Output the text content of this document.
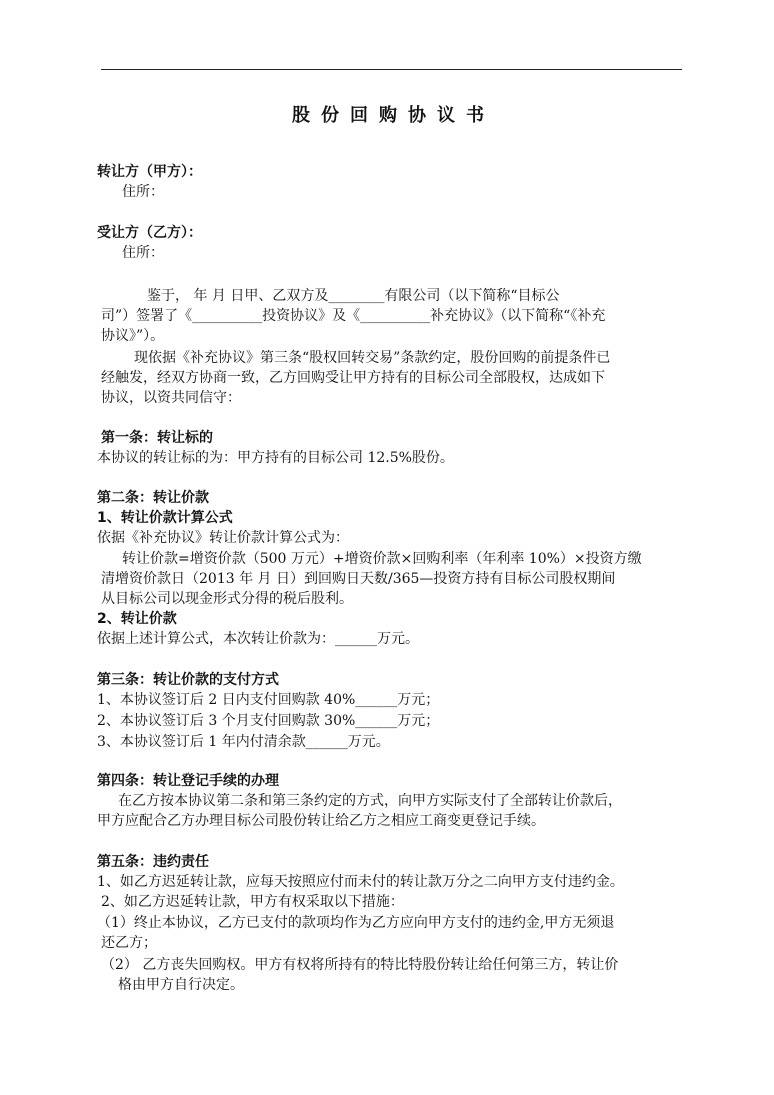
股份回购协议书
转让方（甲方）：
住所：
受让方（乙方）：
住所：
鉴于， 年 月 日甲、乙双方及________有限公司（以下简称“目标公
司”）签署了《__________投资协议》及《__________补充协议》（以下简称“《补充
协议》”）。
现依据《补充协议》第三条“股权回转交易”条款约定，股份回购的前提条件已
经触发，经双方协商一致，乙方回购受让甲方持有的目标公司全部股权，达成如下
协议，以资共同信守：
第一条：转让标的
本协议的转让标的为：甲方持有的目标公司 12.5%股份。
第二条：转让价款
1、转让价款计算公式
依据《补充协议》转让价款计算公式为：
转让价款=增资价款（500 万元）+增资价款×回购利率（年利率 10%）×投资方缴
清增资价款日（2013 年 月 日）到回购日天数/365—投资方持有目标公司股权期间
从目标公司以现金形式分得的税后股利。
2、转让价款
依据上述计算公式，本次转让价款为：______万元。
第三条：转让价款的支付方式
1、本协议签订后 2 日内支付回购款 40%______万元；
2、本协议签订后 3 个月支付回购款 30%______万元；
3、本协议签订后 1 年内付清余款______万元。
第四条：转让登记手续的办理
在乙方按本协议第二条和第三条约定的方式，向甲方实际支付了全部转让价款后，
甲方应配合乙方办理目标公司股份转让给乙方之相应工商变更登记手续。
第五条：违约责任
1、如乙方迟延转让款，应每天按照应付而未付的转让款万分之二向甲方支付违约金。
2、如乙方迟延转让款，甲方有权采取以下措施：
（1）终止本协议，乙方已支付的款项均作为乙方应向甲方支付的违约金,甲方无须退
还乙方；
（2） 乙方丧失回购权。甲方有权将所持有的特比特股份转让给任何第三方，转让价
格由甲方自行决定。
